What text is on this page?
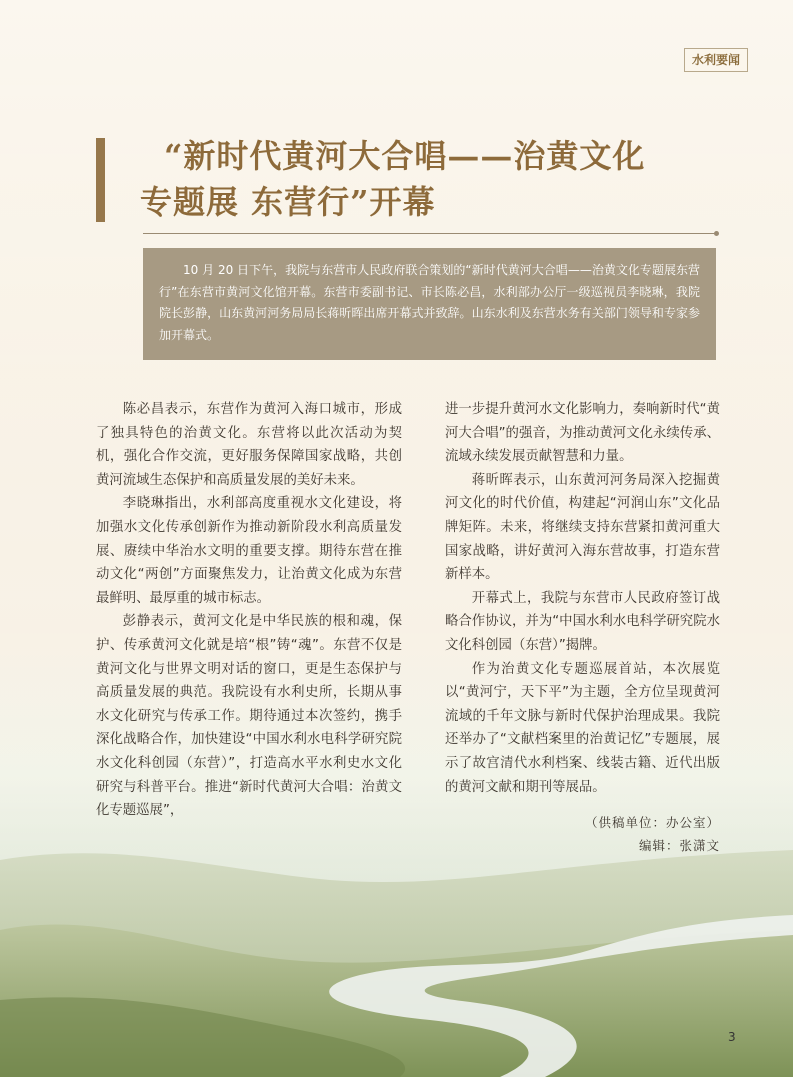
水利要闻
“新时代黄河大合唱——治黄文化
专题展 东营行”开幕

10 月 20 日下午，我院与东营市人民政府联合策划的“新时代黄河大合唱——治黄文化专题展东营行”在东营市黄河文化馆开幕。东营市委副书记、市长陈必昌，水利部办公厅一级巡视员李晓琳，我院院长彭静，山东黄河河务局局长蒋昕晖出席开幕式并致辞。山东水利及东营水务有关部门领导和专家参加开幕式。

陈必昌表示，东营作为黄河入海口城市，形成了独具特色的治黄文化。东营将以此次活动为契机，强化合作交流，更好服务保障国家战略，共创黄河流域生态保护和高质量发展的美好未来。

李晓琳指出，水利部高度重视水文化建设，将加强水文化传承创新作为推动新阶段水利高质量发展、赓续中华治水文明的重要支撑。期待东营在推动文化“两创”方面聚焦发力，让治黄文化成为东营最鲜明、最厚重的城市标志。

彭静表示，黄河文化是中华民族的根和魂，保护、传承黄河文化就是培“根”铸“魂”。东营不仅是黄河文化与世界文明对话的窗口，更是生态保护与高质量发展的典范。我院设有水利史所，长期从事水文化研究与传承工作。期待通过本次签约，携手深化战略合作，加快建设“中国水利水电科学研究院水文化科创园（东营）”，打造高水平水利史水文化研究与科普平台。推进“新时代黄河大合唱：治黄文化专题巡展”，

进一步提升黄河水文化影响力，奏响新时代“黄河大合唱”的强音，为推动黄河文化永续传承、流域永续发展贡献智慧和力量。

蒋昕晖表示，山东黄河河务局深入挖掘黄河文化的时代价值，构建起“河润山东”文化品牌矩阵。未来，将继续支持东营紧扣黄河重大国家战略，讲好黄河入海东营故事，打造东营新样本。

开幕式上，我院与东营市人民政府签订战略合作协议，并为“中国水利水电科学研究院水文化科创园（东营）”揭牌。

作为治黄文化专题巡展首站，本次展览以“黄河宁，天下平”为主题，全方位呈现黄河流域的千年文脉与新时代保护治理成果。我院还举办了“文献档案里的治黄记忆”专题展，展示了故宫清代水利档案、线装古籍、近代出版的黄河文献和期刊等展品。

（供稿单位：办公室）
编辑：张潇文
3
